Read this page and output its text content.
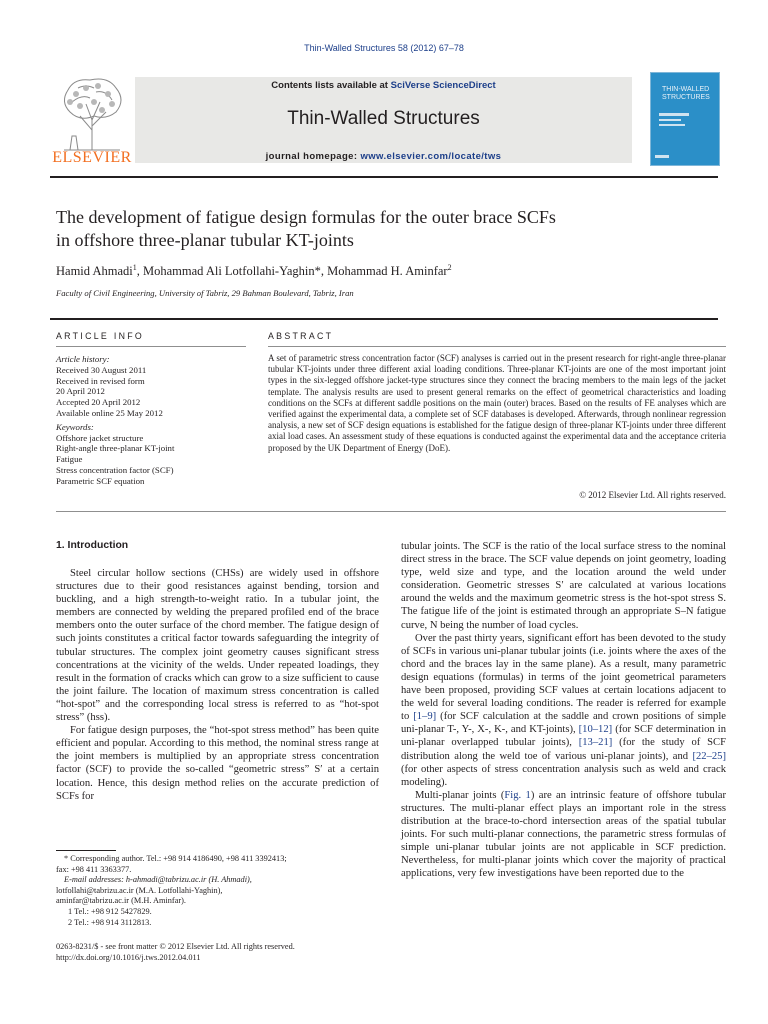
Thin-Walled Structures 58 (2012) 67–78
ELSEVIER
Contents lists available at SciVerse ScienceDirect
Thin-Walled Structures
journal homepage: www.elsevier.com/locate/tws
THIN-WALLED STRUCTURES
The development of fatigue design formulas for the outer brace SCFs
in offshore three-planar tubular KT-joints
Hamid Ahmadi$^1$, Mohammad Ali Lotfollahi-Yaghin*, Mohammad H. Aminfar$^2$
Faculty of Civil Engineering, University of Tabriz, 29 Bahman Boulevard, Tabriz, Iran
ARTICLE INFO
Article history:
Received 30 August 2011
Received in revised form
20 April 2012
Accepted 20 April 2012
Available online 25 May 2012
Keywords:
Offshore jacket structure
Right-angle three-planar KT-joint
Fatigue
Stress concentration factor (SCF)
Parametric SCF equation
ABSTRACT
A set of parametric stress concentration factor (SCF) analyses is carried out in the present research for right-angle three-planar tubular KT-joints under three different axial loading conditions. Three-planar KT-joints are one of the most important joint types in the six-legged offshore jacket-type structures since they connect the bracing members to the main legs of the jacket template. The analysis results are used to present general remarks on the effect of geometrical characteristics and loading conditions on the SCFs at different saddle positions on the main (outer) braces. Based on the results of FE analyses which are verified against the experimental data, a complete set of SCF databases is developed. Afterwards, through nonlinear regression analysis, a new set of SCF design equations is established for the fatigue design of three-planar KT-joints under three different axial load cases. An assessment study of these equations is conducted against the experimental data and the acceptance criteria proposed by the UK Department of Energy (DoE).
© 2012 Elsevier Ltd. All rights reserved.
1. Introduction

Steel circular hollow sections (CHSs) are widely used in offshore structures due to their good resistances against bending, torsion and buckling, and a high strength-to-weight ratio. In a tubular joint, the members are connected by welding the prepared profiled end of the brace members onto the outer surface of the chord member. The fatigue design of such joints constitutes a critical factor towards safeguarding the integrity of tubular structures. The complex joint geometry causes significant stress concentrations at the vicinity of the welds. Under repeated loadings, they result in the formation of cracks which can grow to a size sufficient to cause the joint failure. The location of maximum stress concentration is called “hot-spot” and the corresponding local stress is referred to as “hot-spot stress” (hss).

For fatigue design purposes, the “hot-spot stress method” has been quite efficient and popular. According to this method, the nominal stress range at the joint members is multiplied by an appropriate stress concentration factor (SCF) to provide the so-called “geometric stress” S′ at a certain location. Hence, this design method relies on the accurate prediction of SCFs for

tubular joints. The SCF is the ratio of the local surface stress to the nominal direct stress in the brace. The SCF value depends on joint geometry, loading type, weld size and type, and the location around the weld under consideration. Geometric stresses S′ are calculated at various locations around the welds and the maximum geometric stress is the hot-spot stress S. The fatigue life of the joint is estimated through an appropriate S–N fatigue curve, N being the number of load cycles.

Over the past thirty years, significant effort has been devoted to the study of SCFs in various uni-planar tubular joints (i.e. joints where the axes of the chord and the braces lay in the same plane). As a result, many parametric design equations (formulas) in terms of the joint geometrical parameters have been proposed, providing SCF values at certain locations adjacent to the weld for several loading conditions. The reader is referred for example to [1–9] (for SCF calculation at the saddle and crown positions of simple uni-planar T-, Y-, X-, K-, and KT-joints), [10–12] (for SCF determination in uni-planar overlapped tubular joints), [13–21] (for the study of SCF distribution along the weld toe of various uni-planar joints), and [22–25] (for other aspects of stress concentration analysis such as weld and crack modeling).

Multi-planar joints (Fig. 1) are an intrinsic feature of offshore tubular structures. The multi-planar effect plays an important role in the stress distribution at the brace-to-chord intersection areas of the spatial tubular joints. For such multi-planar connections, the parametric stress formulas of simple uni-planar tubular joints are not applicable in SCF prediction. Nevertheless, for multi-planar joints which cover the majority of practical applications, very few investigations have been reported due to the

* Corresponding author. Tel.: +98 914 4186490, +98 411 3392413;
fax: +98 411 3363377.
E-mail addresses: h-ahmadi@tabrizu.ac.ir (H. Ahmadi),
lotfollahi@tabrizu.ac.ir (M.A. Lotfollahi-Yaghin),
aminfar@tabrizu.ac.ir (M.H. Aminfar).
1 Tel.: +98 912 5427829.
2 Tel.: +98 914 3112813.
0263-8231/$ - see front matter © 2012 Elsevier Ltd. All rights reserved.
http://dx.doi.org/10.1016/j.tws.2012.04.011
